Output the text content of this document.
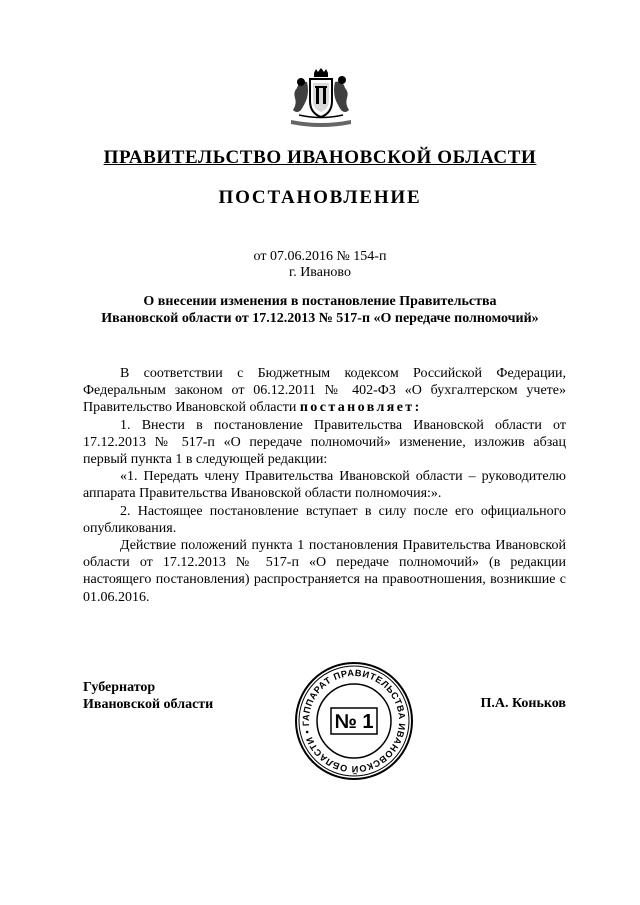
ПРАВИТЕЛЬСТВО ИВАНОВСКОЙ ОБЛАСТИ
ПОСТАНОВЛЕНИЕ
от 07.06.2016 № 154-п
г. Иваново
О внесении изменения в постановление Правительства
Ивановской области от 17.12.2013 № 517-п «О передаче полномочий»

В соответствии с Бюджетным кодексом Российской Федерации, Федеральным законом от 06.12.2011 № 402-ФЗ «О бухгалтерском учете» Правительство Ивановской области постановляет:

1. Внести в постановление Правительства Ивановской области от 17.12.2013 № 517-п «О передаче полномочий» изменение, изложив абзац первый пункта 1 в следующей редакции:

«1. Передать члену Правительства Ивановской области – руководителю аппарата Правительства Ивановской области полномочия:».

2. Настоящее постановление вступает в силу после его официального опубликования.

Действие положений пункта 1 постановления Правительства Ивановской области от 17.12.2013 № 517-п «О передаче полномочий» (в редакции настоящего постановления) распространяется на правоотношения, возникшие с 01.06.2016.

Губернатор
Ивановской области
АППАРАТ ПРАВИТЕЛЬСТВА ИВАНОВСКОЙ ОБЛАСТИ • Г	№ 1
П.А. Коньков
